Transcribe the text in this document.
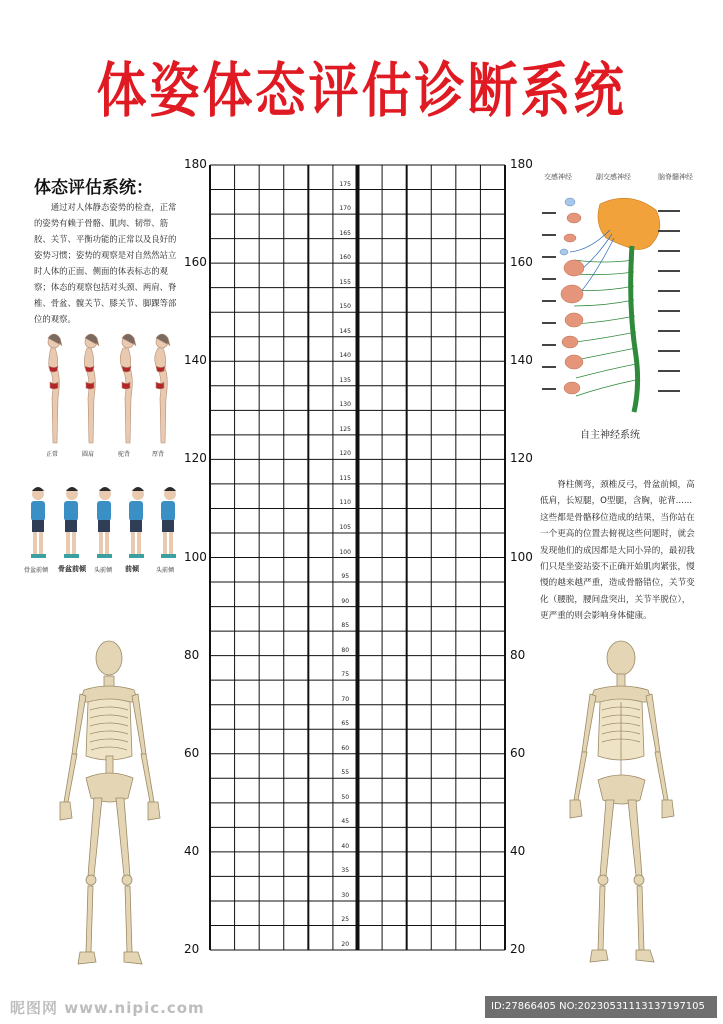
体姿体态评估诊断系统
体态评估系统：
通过对人体静态姿势的检查，正常的姿势有赖于骨骼、肌肉、韧带、筋胶、关节、平衡功能的正常以及良好的姿势习惯；姿势的观察是对自然然站立时人体的正面、侧面的体表标志的观察；体态的观察包括对头颈、两肩、脊椎、骨盆、髋关节、膝关节、脚踝等部位的观察。
正常	圆肩	驼背	厚背
骨盆前倾 骨盆前倾 头前倾 前倾	头前倾
交感神经	副交感神经	脑脊髓神经
自主神经系统
脊柱侧弯，颈椎反弓，骨盆前倾，高低肩，长短腿，O型腿，含胸，驼背......这些都是骨骼移位造成的结果，当你站在一个更高的位置去俯视这些问题时，就会发现他们的成因都是大同小异的，最初我们只是坐姿站姿不正确开始肌肉紧张，慢慢的越来越严重，造成骨骼错位，关节变化（腰脱，腰间盘突出，关节半脱位），更严重的则会影响身体健康。
180	180
160	160
140	140
120	120
100	100
80	80
60	60
40	40
20	20
175
170
165
160
155
150
145
140
135
130
125
120
115
110
105
100
95
90
85
80
75
70
65
60
55
50
45
40
35
30
25
20
昵图网 www.nipic.com	ID:27866405 NO:20230531113137197105
